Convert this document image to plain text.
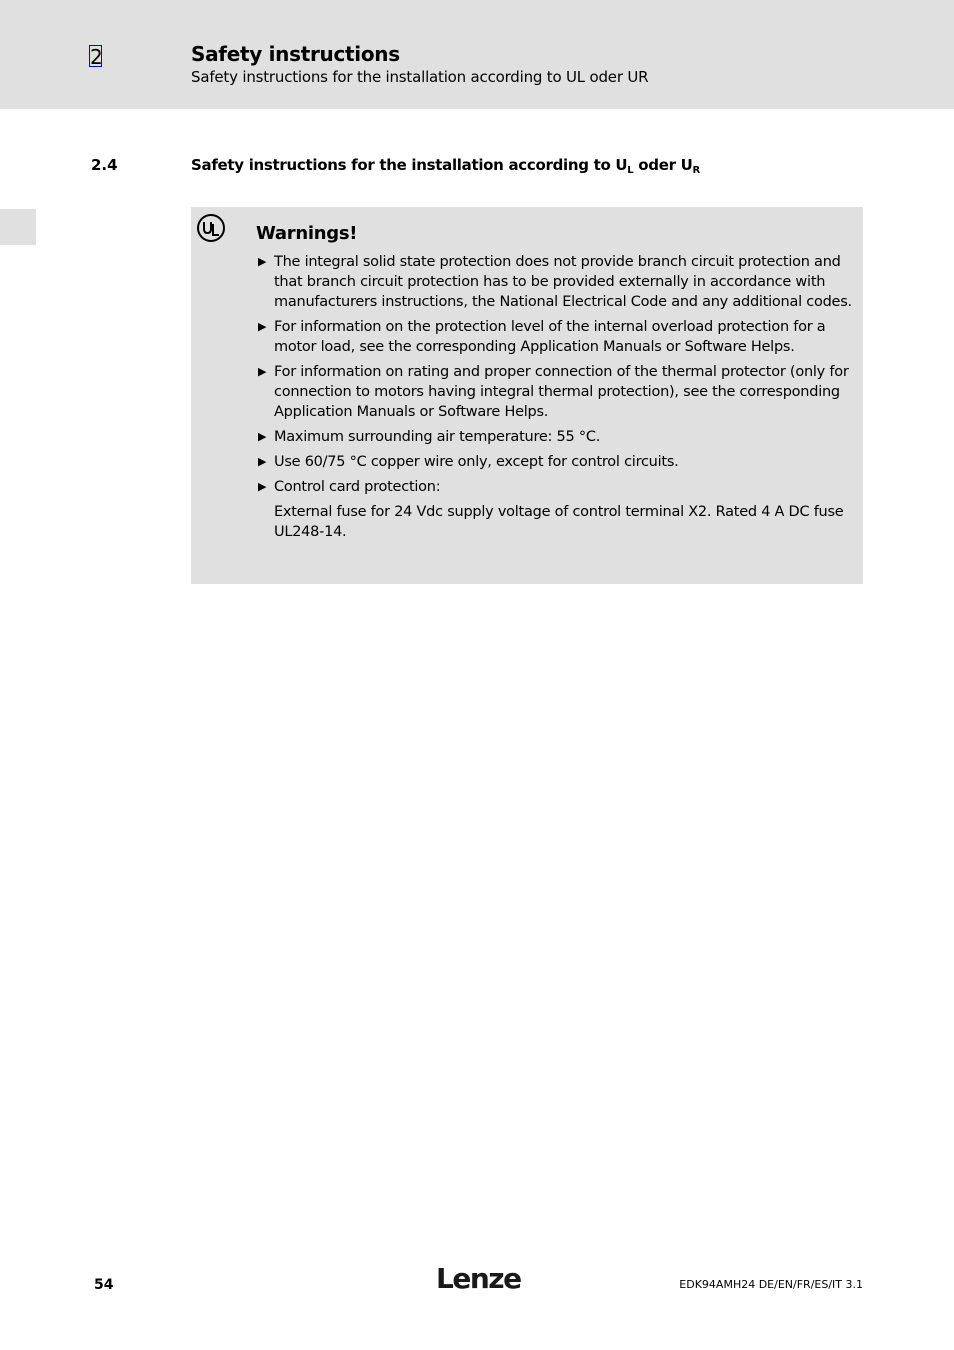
2	Safety instructions
Safety instructions for the installation according to UL oder UR
2.4	Safety instructions for the installation according to $U_L$ oder $U_R$
Warnings!
▶ The integral solid state protection does not provide branch circuit protection and that branch circuit protection has to be provided externally in accordance with manufacturers instructions, the National Electrical Code and any additional codes.
▶ For information on the protection level of the internal overload protection for a motor load, see the corresponding Application Manuals or Software Helps.
▶ For information on rating and proper connection of the thermal protector (only for connection to motors having integral thermal protection), see the corresponding Application Manuals or Software Helps.
▶ Maximum surrounding air temperature: 55 °C.
▶ Use 60/75 °C copper wire only, except for control circuits.
▶ Control card protection:
External fuse for 24 Vdc supply voltage of control terminal X2. Rated 4 A DC fuse UL248-14.
54	Lenze	EDK94AMH24 DE/EN/FR/ES/IT 3.1
